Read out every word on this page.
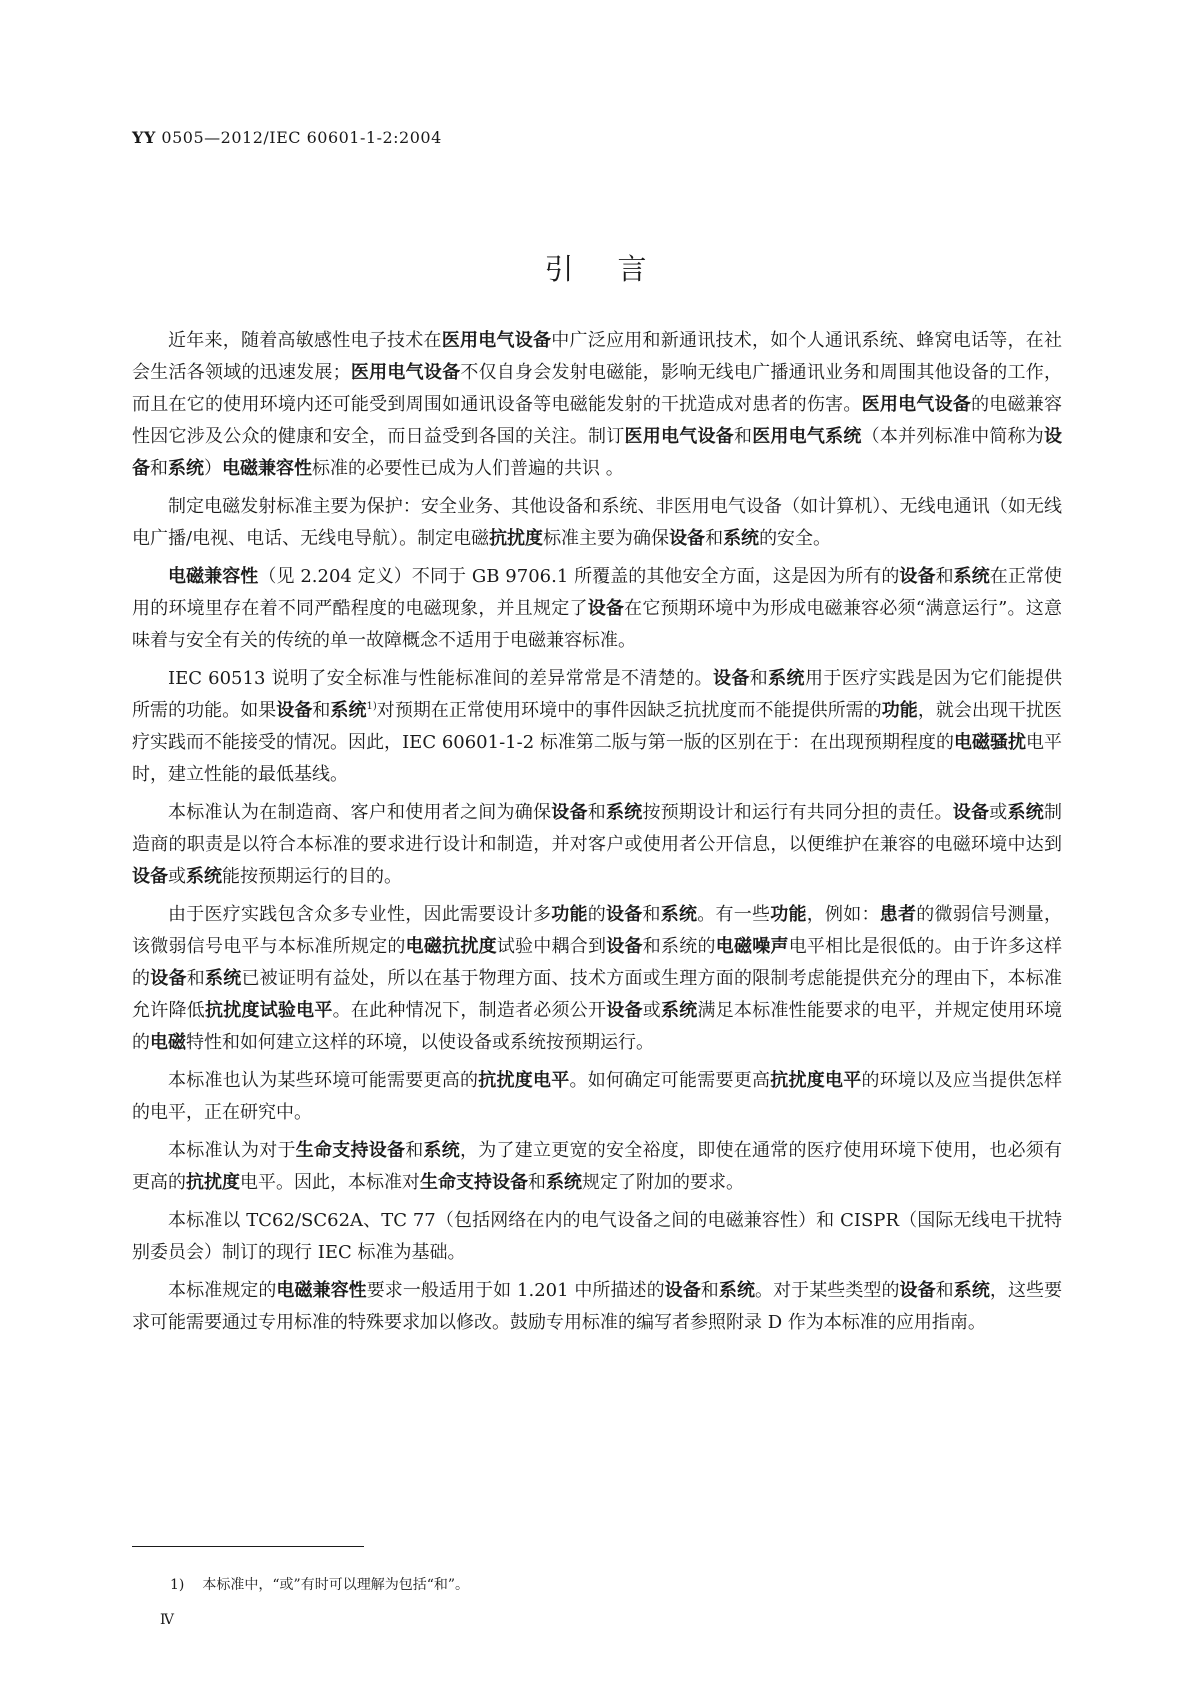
YY 0505—2012/IEC 60601-1-2:2004
引言

近年来，随着高敏感性电子技术在医用电气设备中广泛应用和新通讯技术，如个人通讯系统、蜂窝电话等，在社会生活各领域的迅速发展；医用电气设备不仅自身会发射电磁能，影响无线电广播通讯业务和周围其他设备的工作，而且在它的使用环境内还可能受到周围如通讯设备等电磁能发射的干扰造成对患者的伤害。医用电气设备的电磁兼容性因它涉及公众的健康和安全，而日益受到各国的关注。制订医用电气设备和医用电气系统（本并列标准中简称为设备和系统）电磁兼容性标准的必要性已成为人们普遍的共识 。

制定电磁发射标准主要为保护：安全业务、其他设备和系统、非医用电气设备（如计算机）、无线电通讯（如无线电广播/电视、电话、无线电导航）。制定电磁抗扰度标准主要为确保设备和系统的安全。

电磁兼容性（见 2.204 定义）不同于 GB 9706.1 所覆盖的其他安全方面，这是因为所有的设备和系统在正常使用的环境里存在着不同严酷程度的电磁现象，并且规定了设备在它预期环境中为形成电磁兼容必须“满意运行”。这意味着与安全有关的传统的单一故障概念不适用于电磁兼容标准。

IEC 60513 说明了安全标准与性能标准间的差异常常是不清楚的。设备和系统用于医疗实践是因为它们能提供所需的功能。如果设备和系统$^{1)}$对预期在正常使用环境中的事件因缺乏抗扰度而不能提供所需的功能，就会出现干扰医疗实践而不能接受的情况。因此，IEC 60601-1-2 标准第二版与第一版的区别在于：在出现预期程度的电磁骚扰电平时，建立性能的最低基线。

本标准认为在制造商、客户和使用者之间为确保设备和系统按预期设计和运行有共同分担的责任。设备或系统制造商的职责是以符合本标准的要求进行设计和制造，并对客户或使用者公开信息，以便维护在兼容的电磁环境中达到设备或系统能按预期运行的目的。

由于医疗实践包含众多专业性，因此需要设计多功能的设备和系统。有一些功能，例如：患者的微弱信号测量，该微弱信号电平与本标准所规定的电磁抗扰度试验中耦合到设备和系统的电磁噪声电平相比是很低的。由于许多这样的设备和系统已被证明有益处，所以在基于物理方面、技术方面或生理方面的限制考虑能提供充分的理由下，本标准允许降低抗扰度试验电平。在此种情况下，制造者必须公开设备或系统满足本标准性能要求的电平，并规定使用环境的电磁特性和如何建立这样的环境，以使设备或系统按预期运行。

本标准也认为某些环境可能需要更高的抗扰度电平。如何确定可能需要更高抗扰度电平的环境以及应当提供怎样的电平，正在研究中。

本标准认为对于生命支持设备和系统，为了建立更宽的安全裕度，即使在通常的医疗使用环境下使用，也必须有更高的抗扰度电平。因此，本标准对生命支持设备和系统规定了附加的要求。

本标准以 TC62/SC62A、TC 77（包括网络在内的电气设备之间的电磁兼容性）和 CISPR（国际无线电干扰特别委员会）制订的现行 IEC 标准为基础。

本标准规定的电磁兼容性要求一般适用于如 1.201 中所描述的设备和系统。对于某些类型的设备和系统，这些要求可能需要通过专用标准的特殊要求加以修改。鼓励专用标准的编写者参照附录 D 作为本标准的应用指南。

1) 本标准中，“或”有时可以理解为包括“和”。
Ⅳ
